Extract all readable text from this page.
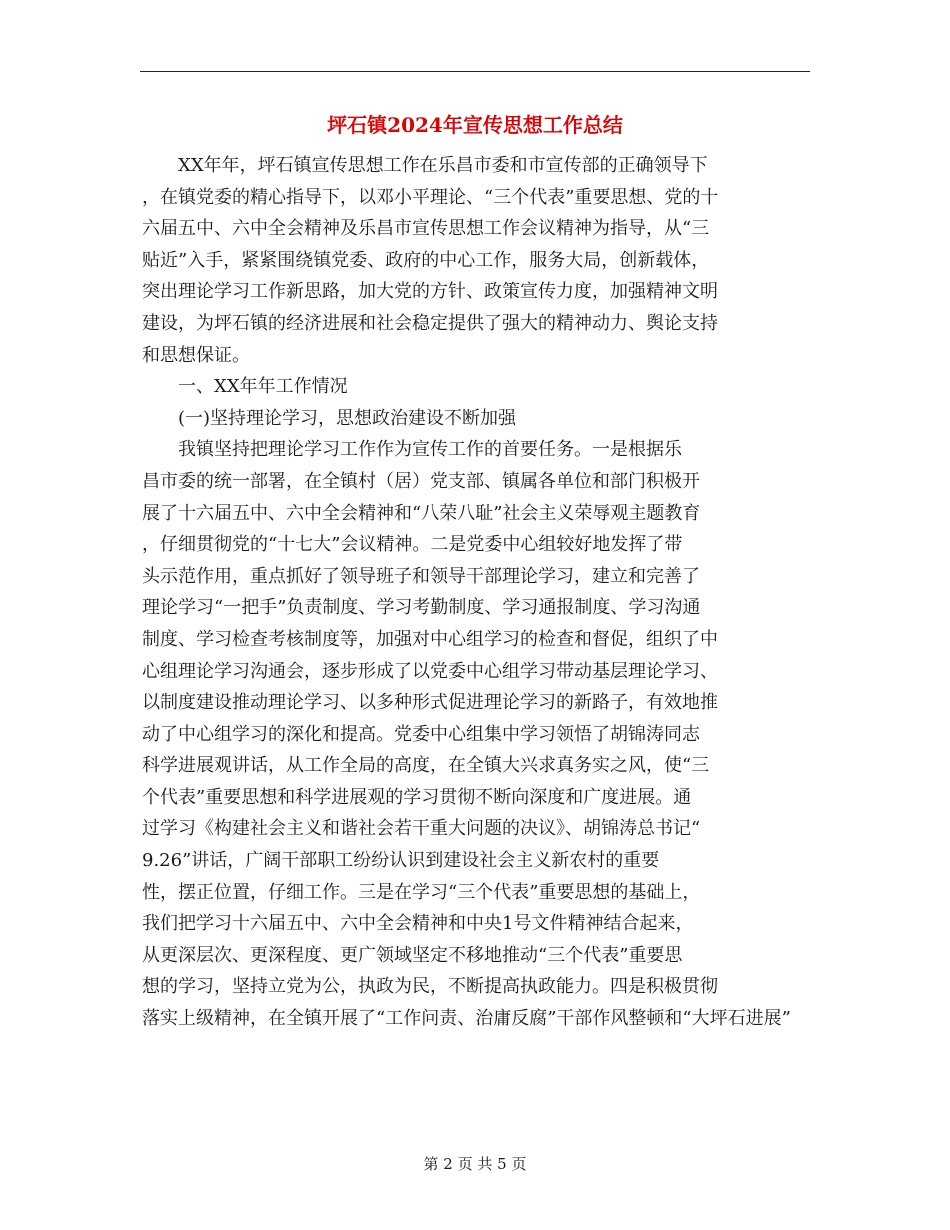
坪石镇2024年宣传思想工作总结

XX年年，坪石镇宣传思想工作在乐昌市委和市宣传部的正确领导下
，在镇党委的精心指导下，以邓小平理论、“三个代表”重要思想、党的十
六届五中、六中全会精神及乐昌市宣传思想工作会议精神为指导，从“三
贴近”入手，紧紧围绕镇党委、政府的中心工作，服务大局，创新载体，
突出理论学习工作新思路，加大党的方针、政策宣传力度，加强精神文明
建设，为坪石镇的经济进展和社会稳定提供了强大的精神动力、舆论支持
和思想保证。

一、XX年年工作情况

(一)坚持理论学习，思想政治建设不断加强

我镇坚持把理论学习工作作为宣传工作的首要任务。一是根据乐
昌市委的统一部署，在全镇村（居）党支部、镇属各单位和部门积极开
展了十六届五中、六中全会精神和“八荣八耻”社会主义荣辱观主题教育
，仔细贯彻党的“十七大”会议精神。二是党委中心组较好地发挥了带
头示范作用，重点抓好了领导班子和领导干部理论学习，建立和完善了
理论学习“一把手”负责制度、学习考勤制度、学习通报制度、学习沟通
制度、学习检查考核制度等，加强对中心组学习的检查和督促，组织了中
心组理论学习沟通会，逐步形成了以党委中心组学习带动基层理论学习、
以制度建设推动理论学习、以多种形式促进理论学习的新路子，有效地推
动了中心组学习的深化和提高。党委中心组集中学习领悟了胡锦涛同志
科学进展观讲话，从工作全局的高度，在全镇大兴求真务实之风，使“三
个代表”重要思想和科学进展观的学习贯彻不断向深度和广度进展。通
过学习《构建社会主义和谐社会若干重大问题的决议》、胡锦涛总书记“
9.26”讲话，广阔干部职工纷纷认识到建设社会主义新农村的重要
性，摆正位置，仔细工作。三是在学习“三个代表”重要思想的基础上，
我们把学习十六届五中、六中全会精神和中央1号文件精神结合起来，
从更深层次、更深程度、更广领域坚定不移地推动“三个代表”重要思
想的学习，坚持立党为公，执政为民，不断提高执政能力。四是积极贯彻
落实上级精神，在全镇开展了“工作问责、治庸反腐”干部作风整顿和“大坪石进展”

第 2 页 共 5 页
